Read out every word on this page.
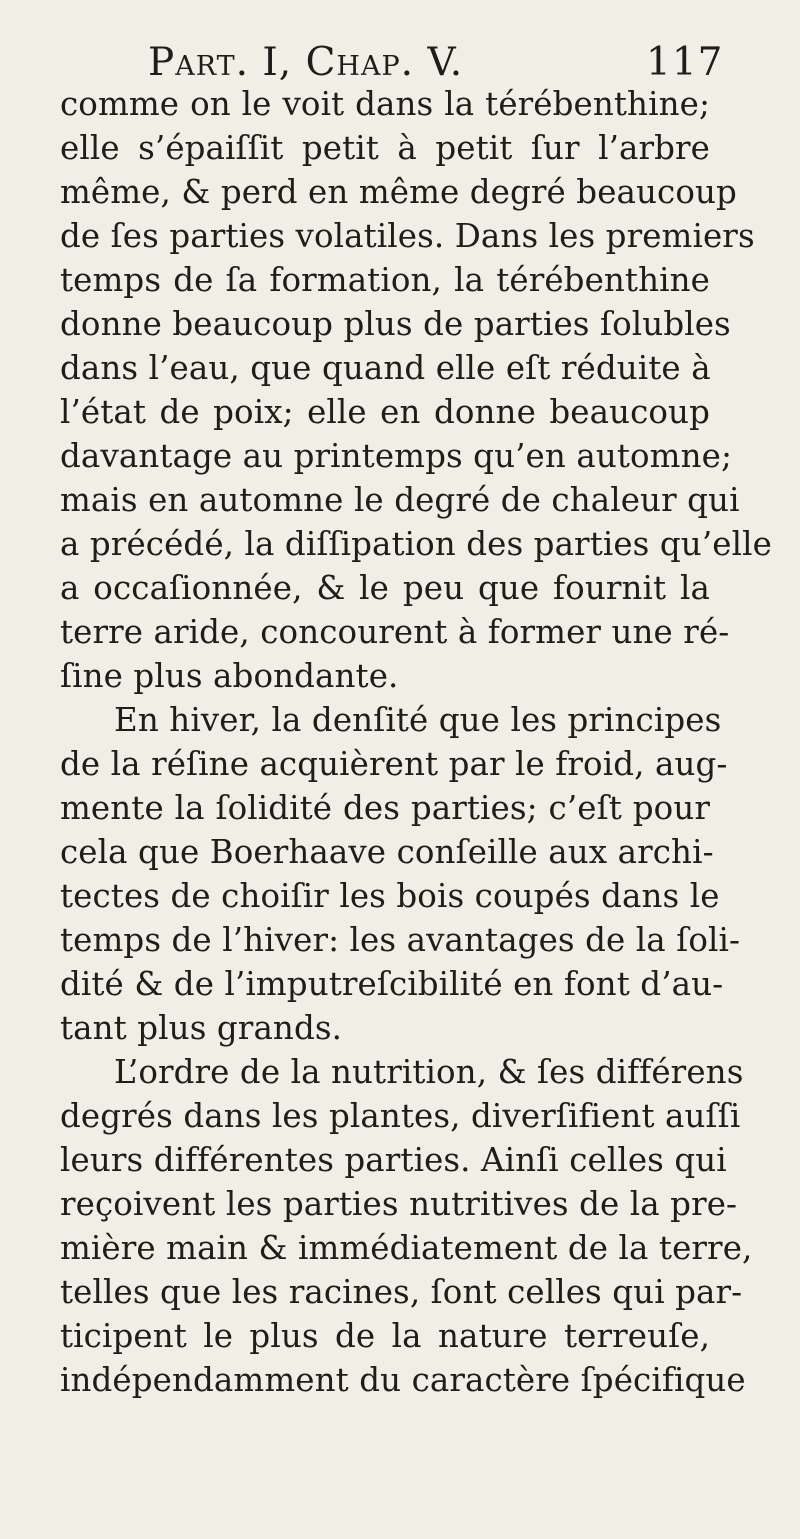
Part. I, Chap. V.	117
comme on le voit dans la térébenthine;
elle s’épaiſſit petit à petit ſur l’arbre
même, & perd en même degré beaucoup
de ſes parties volatiles. Dans les premiers
temps de ſa formation, la térébenthine
donne beaucoup plus de parties ſolubles
dans l’eau, que quand elle eſt réduite à
l’état de poix; elle en donne beaucoup
davantage au printemps qu’en automne;
mais en automne le degré de chaleur qui
a précédé, la diſſipation des parties qu’elle
a occaſionnée, & le peu que fournit la
terre aride, concourent à former une ré-
ſine plus abondante.
En hiver, la denſité que les principes
de la réſine acquièrent par le froid, aug-
mente la ſolidité des parties; c’eſt pour
cela que Boerhaave conſeille aux archi-
tectes de choiſir les bois coupés dans le
temps de l’hiver: les avantages de la ſoli-
dité & de l’imputreſcibilité en font d’au-
tant plus grands.
L’ordre de la nutrition, & ſes différens
degrés dans les plantes, diverſifient auſſi
leurs différentes parties. Ainſi celles qui
reçoivent les parties nutritives de la pre-
mière main & immédiatement de la terre,
telles que les racines, ſont celles qui par-
ticipent le plus de la nature terreuſe,
indépendamment du caractère ſpécifique
